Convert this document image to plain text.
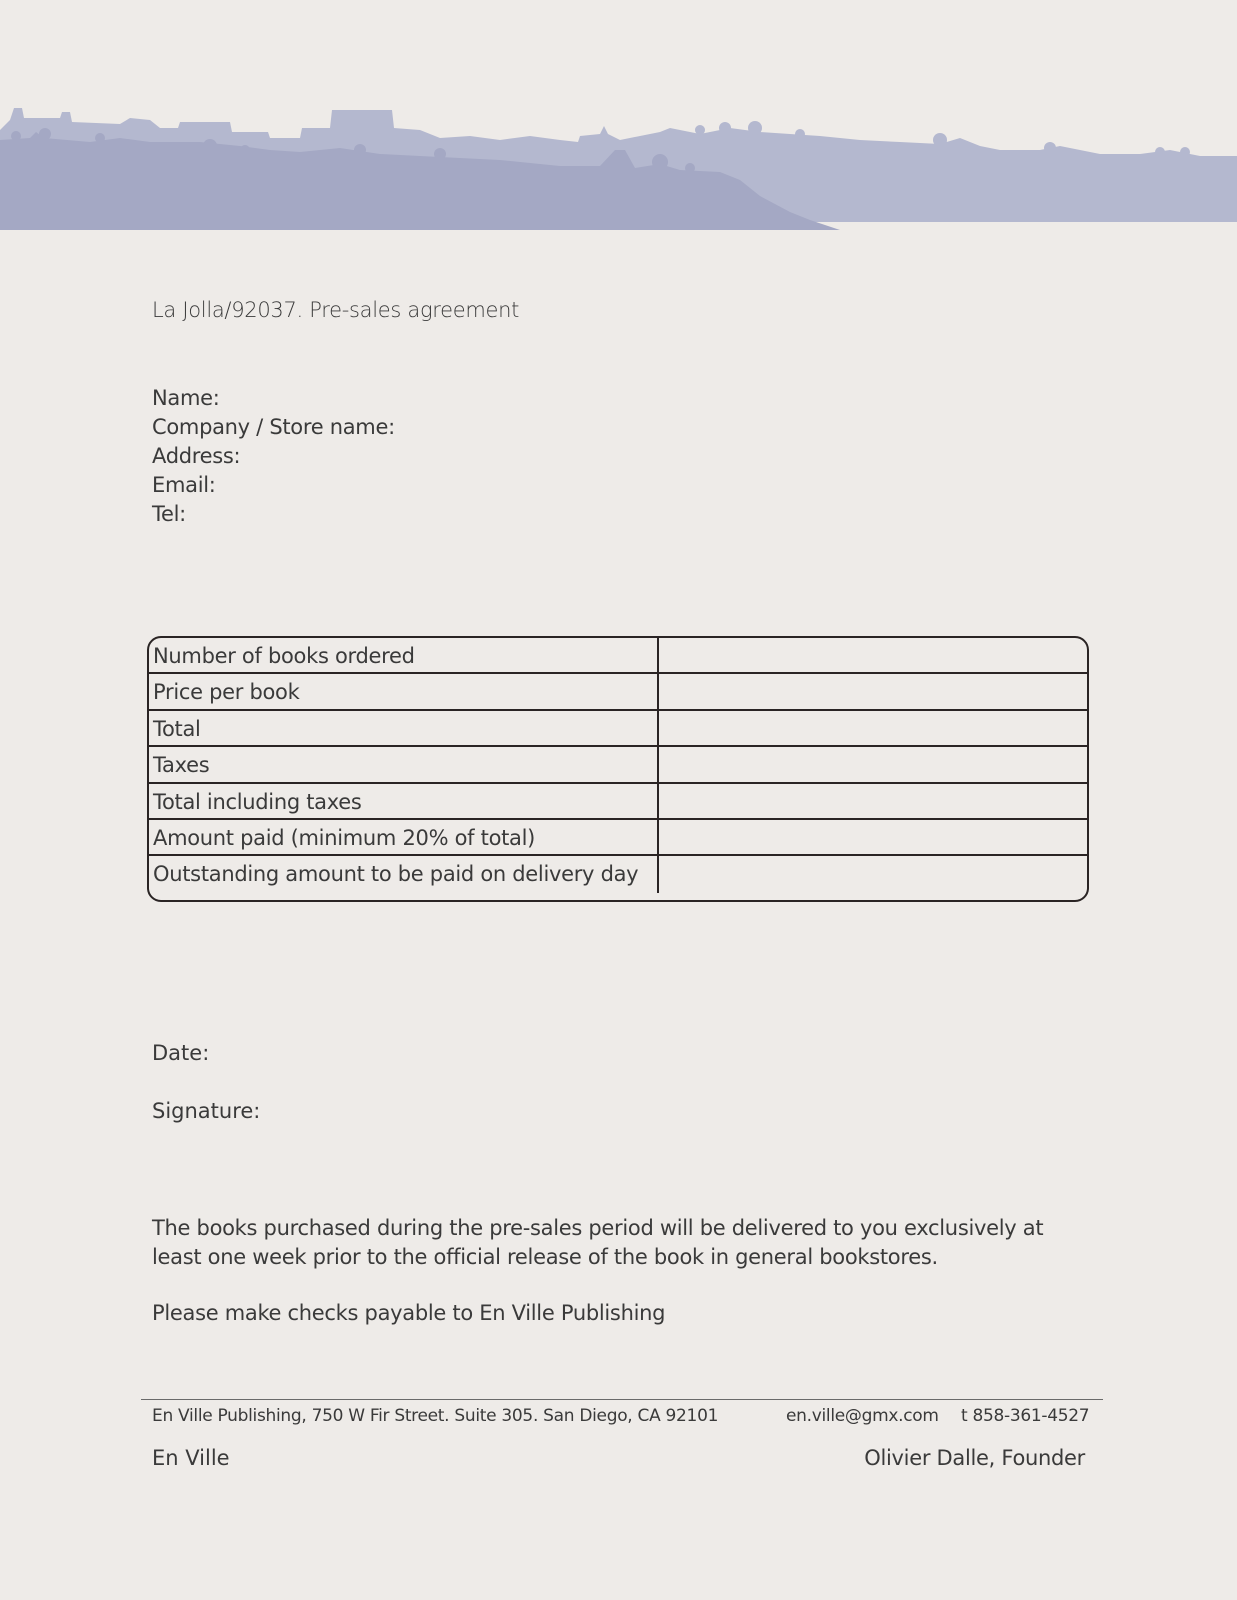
La Jolla/92037. Pre-sales agreement
Name:
Company / Store name:
Address:
Email:
Tel:
Number of books ordered
Price per book
Total
Taxes
Total including taxes
Amount paid (minimum 20% of total)
Outstanding amount to be paid on delivery day
Date:
Signature:
The books purchased during the pre-sales period will be delivered to you exclusively at least one week prior to the official release of the book in general bookstores.
Please make checks payable to En Ville Publishing
En Ville Publishing, 750 W Fir Street. Suite 305. San Diego, CA 92101	en.ville@gmx.com t 858-361-4527
En Ville	Olivier Dalle, Founder
